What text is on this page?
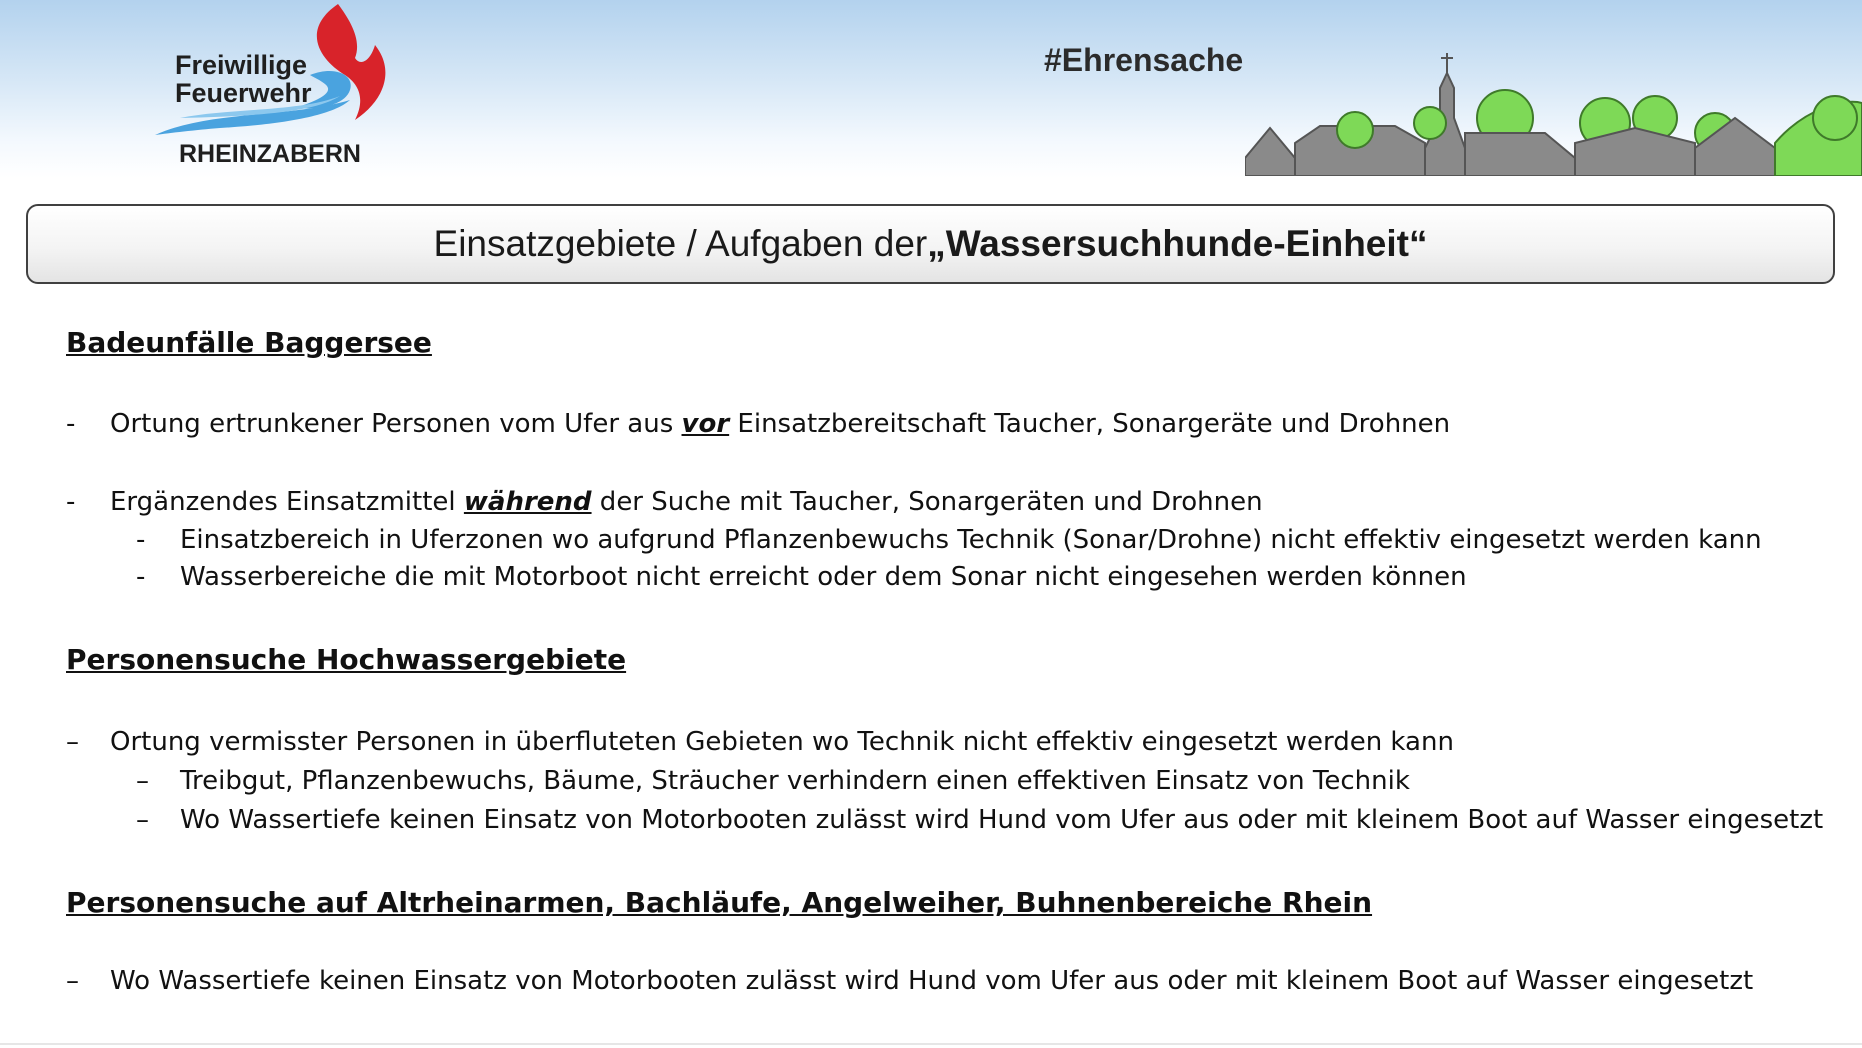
Freiwillige
Feuerwehr
RHEINZABERN
#Ehrensache
Einsatzgebiete / Aufgaben der „Wassersuchhunde-Einheit“
Badeunfälle Baggersee
- Ortung ertrunkener Personen vom Ufer aus vor Einsatzbereitschaft Taucher, Sonargeräte und Drohnen
- Ergänzendes Einsatzmittel während der Suche mit Taucher, Sonargeräten und Drohnen
- Einsatzbereich in Uferzonen wo aufgrund Pflanzenbewuchs Technik (Sonar/Drohne) nicht effektiv eingesetzt werden kann
- Wasserbereiche die mit Motorboot nicht erreicht oder dem Sonar nicht eingesehen werden können
Personensuche Hochwassergebiete
– Ortung vermisster Personen in überfluteten Gebieten wo Technik nicht effektiv eingesetzt werden kann
– Treibgut, Pflanzenbewuchs, Bäume, Sträucher verhindern einen effektiven Einsatz von Technik
– Wo Wassertiefe keinen Einsatz von Motorbooten zulässt wird Hund vom Ufer aus oder mit kleinem Boot auf Wasser eingesetzt
Personensuche auf Altrheinarmen, Bachläufe, Angelweiher, Buhnenbereiche Rhein
– Wo Wassertiefe keinen Einsatz von Motorbooten zulässt wird Hund vom Ufer aus oder mit kleinem Boot auf Wasser eingesetzt
